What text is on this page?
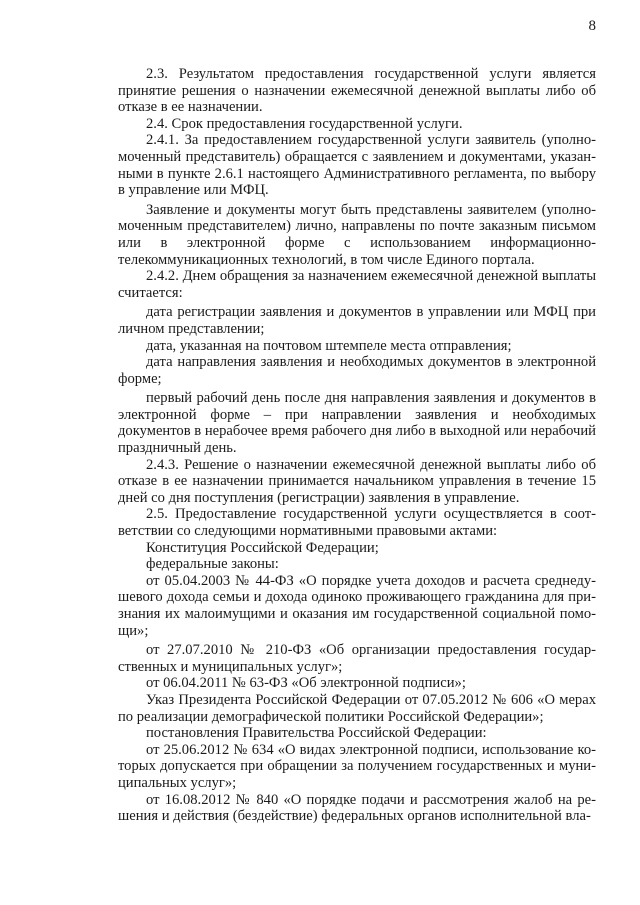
8

2.3. Результатом предоставления государственной услуги является принятие решения о назначении ежемесячной денежной выплаты либо об отказе в ее назначении.

2.4. Срок предоставления государственной услуги.

2.4.1. За предоставлением государственной услуги заявитель (уполномоченный представитель) обращается с заявлением и документами, указанными в пункте 2.6.1 настоящего Административного регламента, по выбору в управление или МФЦ.

Заявление и документы могут быть представлены заявителем (уполномоченным представителем) лично, направлены по почте заказным письмом или в электронной форме с использованием информационно-телекоммуникационных технологий, в том числе Единого портала.

2.4.2. Днем обращения за назначением ежемесячной денежной выплаты считается:

дата регистрации заявления и документов в управлении или МФЦ при личном представлении;

дата, указанная на почтовом штемпеле места отправления;

дата направления заявления и необходимых документов в электронной форме;

первый рабочий день после дня направления заявления и документов в электронной форме – при направлении заявления и необходимых документов в нерабочее время рабочего дня либо в выходной или нерабочий праздничный день.

2.4.3. Решение о назначении ежемесячной денежной выплаты либо об отказе в ее назначении принимается начальником управления в течение 15 дней со дня поступления (регистрации) заявления в управление.

2.5. Предоставление государственной услуги осуществляется в соответствии со следующими нормативными правовыми актами:

Конституция Российской Федерации;

федеральные законы:

от 05.04.2003 № 44-ФЗ «О порядке учета доходов и расчета среднедушевого дохода семьи и дохода одиноко проживающего гражданина для признания их малоимущими и оказания им государственной социальной помощи»;

от 27.07.2010 № 210-ФЗ «Об организации предоставления государственных и муниципальных услуг»;

от 06.04.2011 № 63-ФЗ «Об электронной подписи»;

Указ Президента Российской Федерации от 07.05.2012 № 606 «О мерах по реализации демографической политики Российской Федерации»;

постановления Правительства Российской Федерации:

от 25.06.2012 № 634 «О видах электронной подписи, использование которых допускается при обращении за получением государственных и муниципальных услуг»;

от 16.08.2012 № 840 «О порядке подачи и рассмотрения жалоб на решения и действия (бездействие) федеральных органов исполнительной вла-
